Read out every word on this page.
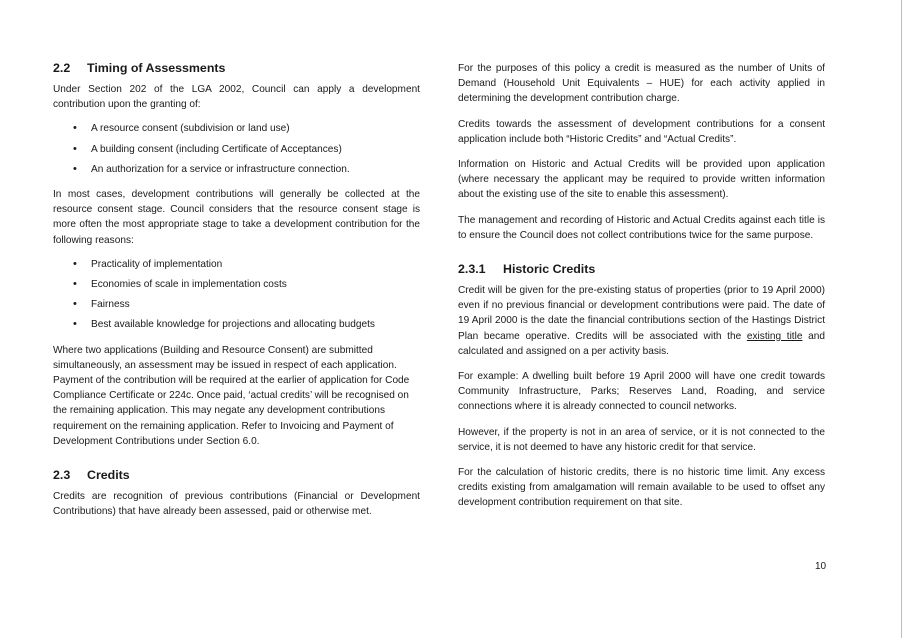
2.2	Timing of Assessments

Under Section 202 of the LGA 2002, Council can apply a development contribution upon the granting of:

• A resource consent (subdivision or land use)
• A building consent (including Certificate of Acceptances)
• An authorization for a service or infrastructure connection.

In most cases, development contributions will generally be collected at the resource consent stage. Council considers that the resource consent stage is more often the most appropriate stage to take a development contribution for the following reasons:

• Practicality of implementation
• Economies of scale in implementation costs
• Fairness
• Best available knowledge for projections and allocating budgets

Where two applications (Building and Resource Consent) are submitted simultaneously, an assessment may be issued in respect of each application. Payment of the contribution will be required at the earlier of application for Code Compliance Certificate or 224c. Once paid, ‘actual credits’ will be recognised on the remaining application. This may negate any development contributions requirement on the remaining application. Refer to Invoicing and Payment of Development Contributions under Section 6.0.

2.3	Credits

Credits are recognition of previous contributions (Financial or Development Contributions) that have already been assessed, paid or otherwise met.

For the purposes of this policy a credit is measured as the number of Units of Demand (Household Unit Equivalents – HUE) for each activity applied in determining the development contribution charge.

Credits towards the assessment of development contributions for a consent application include both “Historic Credits” and “Actual Credits”.

Information on Historic and Actual Credits will be provided upon application (where necessary the applicant may be required to provide written information about the existing use of the site to enable this assessment).

The management and recording of Historic and Actual Credits against each title is to ensure the Council does not collect contributions twice for the same purpose.

2.3.1	Historic Credits

Credit will be given for the pre-existing status of properties (prior to 19 April 2000) even if no previous financial or development contributions were paid. The date of 19 April 2000 is the date the financial contributions section of the Hastings District Plan became operative. Credits will be associated with the existing title and calculated and assigned on a per activity basis.

For example: A dwelling built before 19 April 2000 will have one credit towards Community Infrastructure, Parks; Reserves Land, Roading, and service connections where it is already connected to council networks.

However, if the property is not in an area of service, or it is not connected to the service, it is not deemed to have any historic credit for that service.

For the calculation of historic credits, there is no historic time limit. Any excess credits existing from amalgamation will remain available to be used to offset any development contribution requirement on that site.

10
